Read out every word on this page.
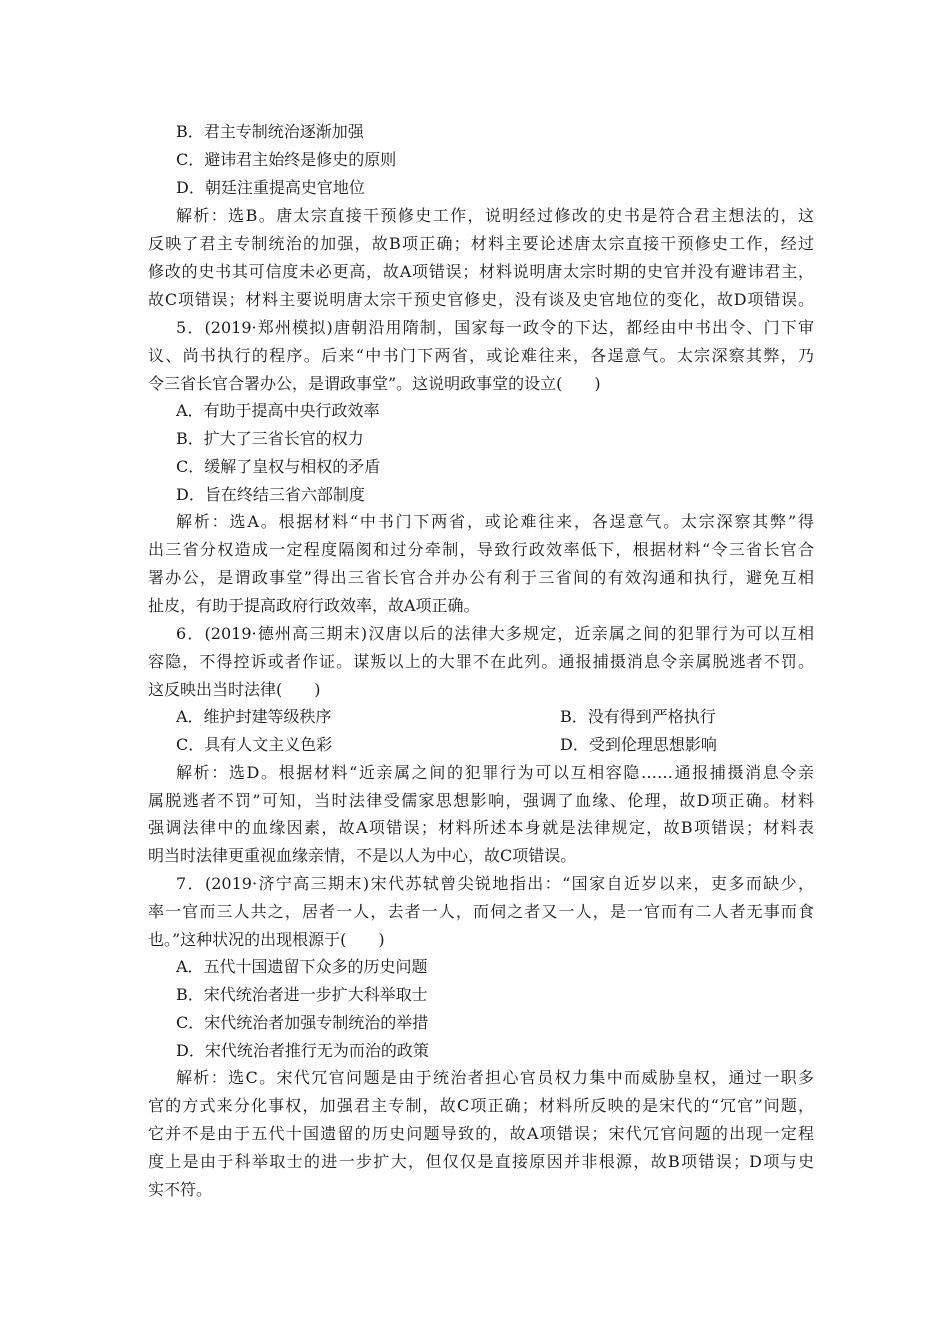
B．君主专制统治逐渐加强
C．避讳君主始终是修史的原则
D．朝廷注重提高史官地位
解析：选B。唐太宗直接干预修史工作，说明经过修改的史书是符合君主想法的，这
反映了君主专制统治的加强，故B项正确；材料主要论述唐太宗直接干预修史工作，经过
修改的史书其可信度未必更高，故A项错误；材料说明唐太宗时期的史官并没有避讳君主，
故C项错误；材料主要说明唐太宗干预史官修史，没有谈及史官地位的变化，故D项错误。
5．(2019·郑州模拟)唐朝沿用隋制，国家每一政令的下达，都经由中书出令、门下审
议、尚书执行的程序。后来“中书门下两省，或论难往来，各逞意气。太宗深察其弊，乃
令三省长官合署办公，是谓政事堂”。这说明政事堂的设立(　　)
A．有助于提高中央行政效率
B．扩大了三省长官的权力
C．缓解了皇权与相权的矛盾
D．旨在终结三省六部制度
解析：选A。根据材料“中书门下两省，或论难往来，各逞意气。太宗深察其弊”得
出三省分权造成一定程度隔阂和过分牵制，导致行政效率低下，根据材料“令三省长官合
署办公，是谓政事堂”得出三省长官合并办公有利于三省间的有效沟通和执行，避免互相
扯皮，有助于提高政府行政效率，故A项正确。
6．(2019·德州高三期末)汉唐以后的法律大多规定，近亲属之间的犯罪行为可以互相
容隐，不得控诉或者作证。谋叛以上的大罪不在此列。通报捕摄消息令亲属脱逃者不罚。
这反映出当时法律(　　)
A．维护封建等级秩序	B．没有得到严格执行
C．具有人文主义色彩	D．受到伦理思想影响
解析：选D。根据材料“近亲属之间的犯罪行为可以互相容隐……通报捕摄消息令亲
属脱逃者不罚”可知，当时法律受儒家思想影响，强调了血缘、伦理，故D项正确。材料
强调法律中的血缘因素，故A项错误；材料所述本身就是法律规定，故B项错误；材料表
明当时法律更重视血缘亲情，不是以人为中心，故C项错误。
7．(2019·济宁高三期末)宋代苏轼曾尖锐地指出：“国家自近岁以来，吏多而缺少，
率一官而三人共之，居者一人，去者一人，而伺之者又一人，是一官而有二人者无事而食
也。”这种状况的出现根源于(　　)
A．五代十国遗留下众多的历史问题
B．宋代统治者进一步扩大科举取士
C．宋代统治者加强专制统治的举措
D．宋代统治者推行无为而治的政策
解析：选C。宋代冗官问题是由于统治者担心官员权力集中而威胁皇权，通过一职多
官的方式来分化事权，加强君主专制，故C项正确；材料所反映的是宋代的“冗官”问题，
它并不是由于五代十国遗留的历史问题导致的，故A项错误；宋代冗官问题的出现一定程
度上是由于科举取士的进一步扩大，但仅仅是直接原因并非根源，故B项错误；D项与史
实不符。
